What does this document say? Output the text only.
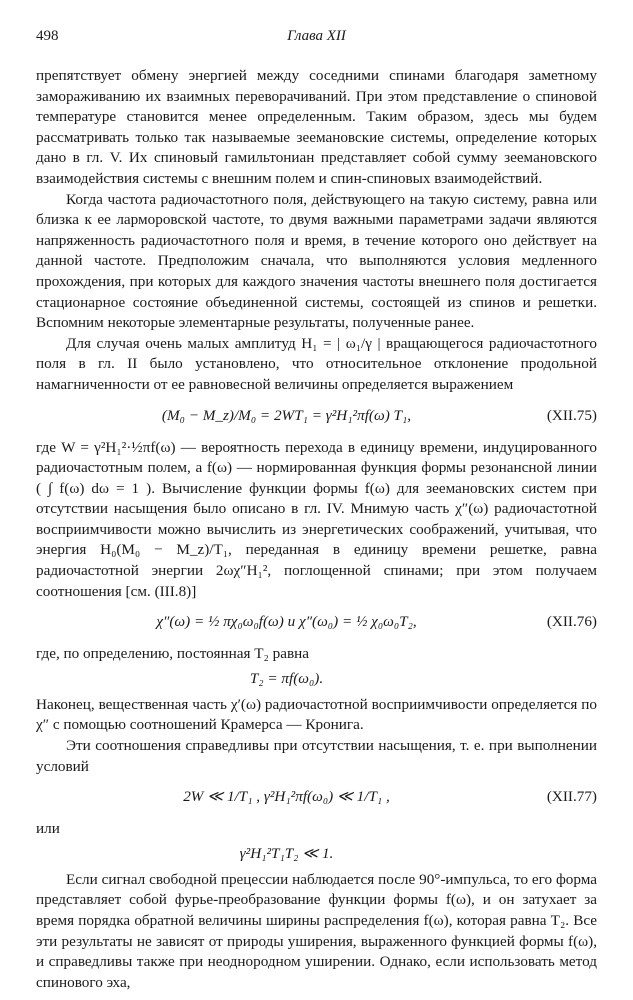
498	Глава XII

препятствует обмену энергией между соседними спинами благодаря заметному замораживанию их взаимных переворачиваний. При этом представление о спиновой температуре становится менее определенным. Таким образом, здесь мы будем рассматривать только так называемые зеемановские системы, определение которых дано в гл. V. Их спиновый гамильтониан представляет собой сумму зеемановского взаимодействия системы с внешним полем и спин-спиновых взаимодействий.

Когда частота радиочастотного поля, действующего на такую систему, равна или близка к ее ларморовской частоте, то двумя важными параметрами задачи являются напряженность радиочастотного поля и время, в течение которого оно действует на данной частоте. Предположим сначала, что выполняются условия медленного прохождения, при которых для каждого значения частоты внешнего поля достигается стационарное состояние объединенной системы, состоящей из спинов и решетки. Вспомним некоторые элементарные результаты, полученные ранее.

Для случая очень малых амплитуд H₁ = | ω₁/γ | вращающегося радиочастотного поля в гл. II было установлено, что относительное отклонение продольной намагниченности от ее равновесной величины определяется выражением

(M₀ − M_z)/M₀ = 2WT₁ = γ²H₁²πf(ω) T₁,	(XII.75)

где W = γ²H₁²·½πf(ω) — вероятность перехода в единицу времени, индуцированного радиочастотным полем, а f(ω) — нормированная функция формы резонансной линии ( ∫ f(ω) dω = 1 ). Вычисление функции формы f(ω) для зеемановских систем при отсутствии насыщения было описано в гл. IV. Мнимую часть χ″(ω) радиочастотной восприимчивости можно вычислить из энергетических соображений, учитывая, что энергия H₀(M₀ − M_z)/T₁, переданная в единицу времени решетке, равна радиочастотной энергии 2ωχ″H₁², поглощенной спинами; при этом получаем соотношения [см. (III.8)]

χ″(ω) = ½ πχ₀ω₀f(ω) и χ″(ω₀) = ½ χ₀ω₀T₂,	(XII.76)

где, по определению, постоянная T₂ равна

T₂ = πf(ω₀).

Наконец, вещественная часть χ′(ω) радиочастотной восприимчивости определяется по χ″ с помощью соотношений Крамерса — Кронига.

Эти соотношения справедливы при отсутствии насыщения, т. е. при выполнении условий

2W ≪ 1/T₁ , γ²H₁²πf(ω₀) ≪ 1/T₁ ,	(XII.77)

или

γ²H₁²T₁T₂ ≪ 1.

Если сигнал свободной прецессии наблюдается после 90°-импульса, то его форма представляет собой фурье-преобразование функции формы f(ω), и он затухает за время порядка обратной величины ширины распределения f(ω), которая равна T₂. Все эти результаты не зависят от природы уширения, выраженного функцией формы f(ω), и справедливы также при неоднородном уширении. Однако, если использовать метод спинового эха,
